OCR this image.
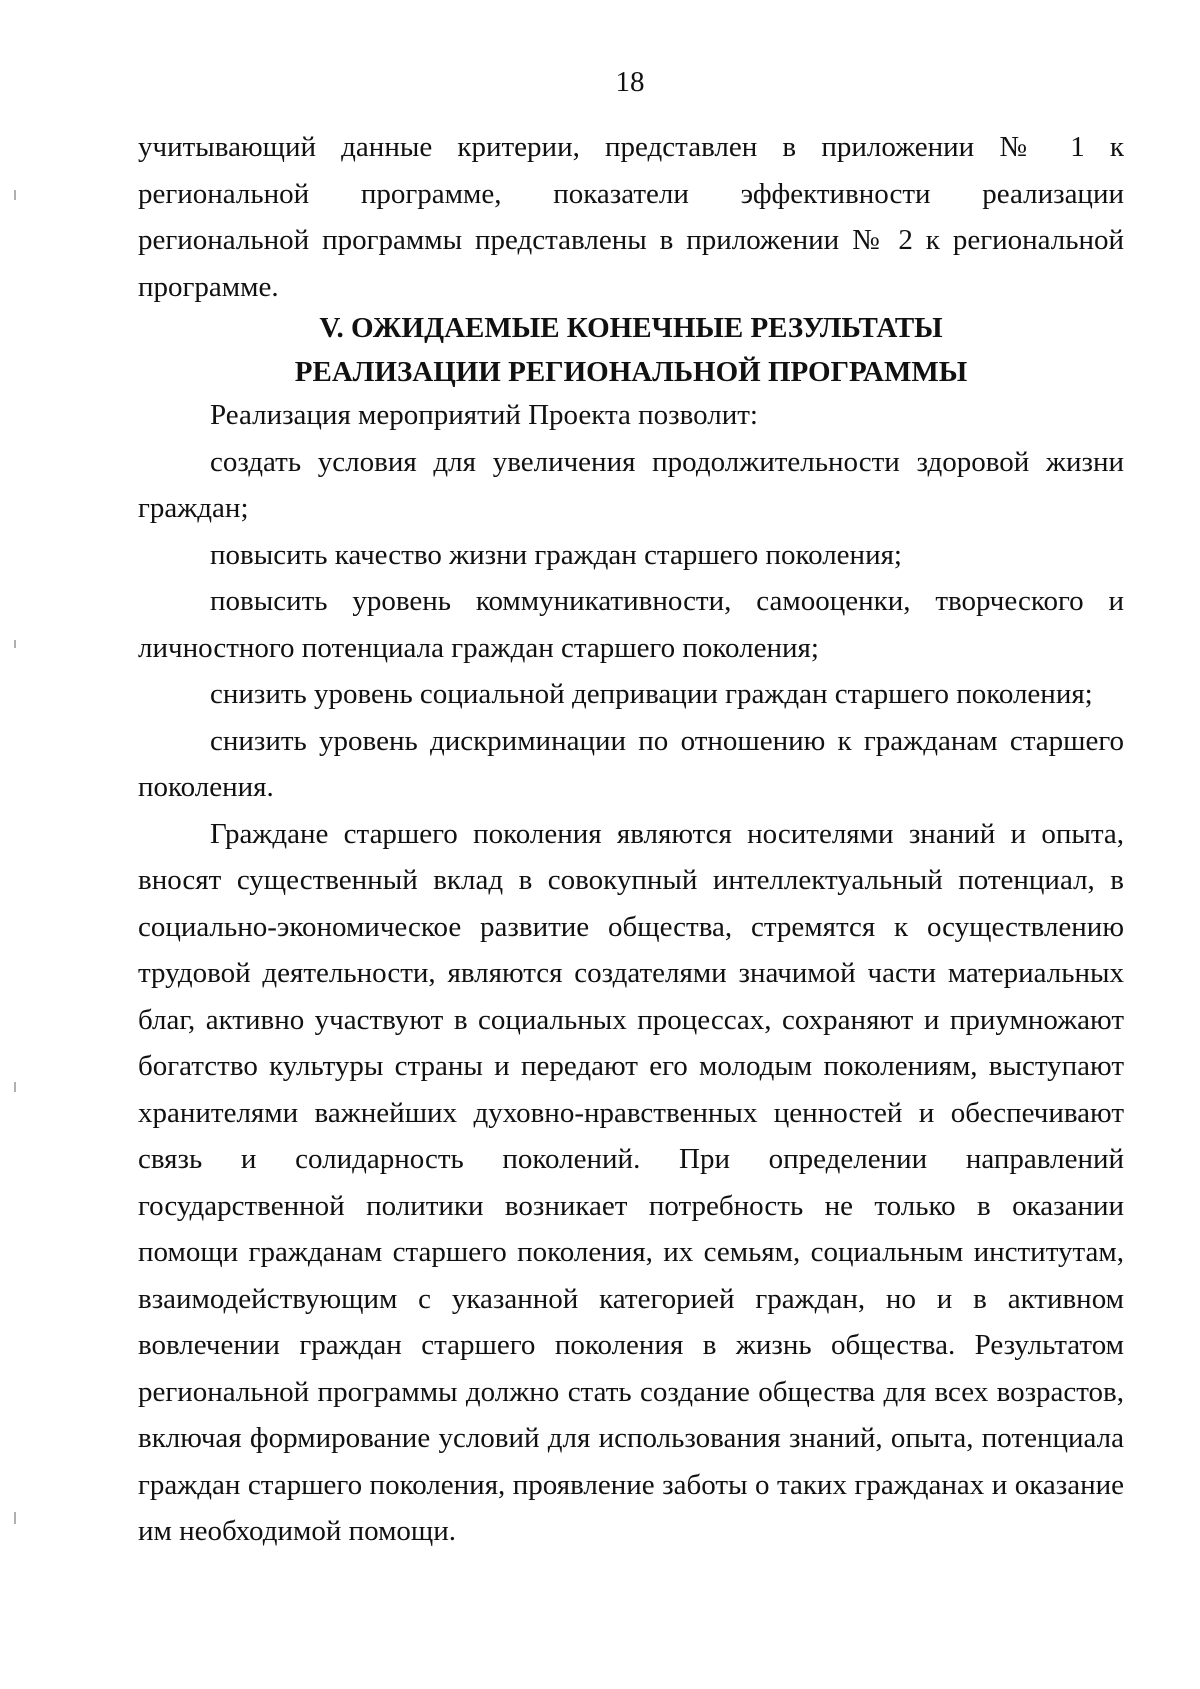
18

учитывающий данные критерии, представлен в приложении № 1 к региональной программе, показатели эффективности реализации региональной программы представлены в приложении № 2 к региональной программе.

V. ОЖИДАЕМЫЕ КОНЕЧНЫЕ РЕЗУЛЬТАТЫ
РЕАЛИЗАЦИИ РЕГИОНАЛЬНОЙ ПРОГРАММЫ

Реализация мероприятий Проекта позволит:

создать условия для увеличения продолжительности здоровой жизни граждан;

повысить качество жизни граждан старшего поколения;

повысить уровень коммуникативности, самооценки, творческого и личностного потенциала граждан старшего поколения;

снизить уровень социальной депривации граждан старшего поколения;

снизить уровень дискриминации по отношению к гражданам старшего поколения.

Граждане старшего поколения являются носителями знаний и опыта, вносят существенный вклад в совокупный интеллектуальный потенциал, в социально-экономическое развитие общества, стремятся к осуществлению трудовой деятельности, являются создателями значимой части материальных благ, активно участвуют в социальных процессах, сохраняют и приумножают богатство культуры страны и передают его молодым поколениям, выступают хранителями важнейших духовно-нравственных ценностей и обеспечивают связь и солидарность поколений. При определении направлений государственной политики возникает потребность не только в оказании помощи гражданам старшего поколения, их семьям, социальным институтам, взаимодействующим с указанной категорией граждан, но и в активном вовлечении граждан старшего поколения в жизнь общества. Результатом региональной программы должно стать создание общества для всех возрастов, включая формирование условий для использования знаний, опыта, потенциала граждан старшего поколения, проявление заботы о таких гражданах и оказание им необходимой помощи.
